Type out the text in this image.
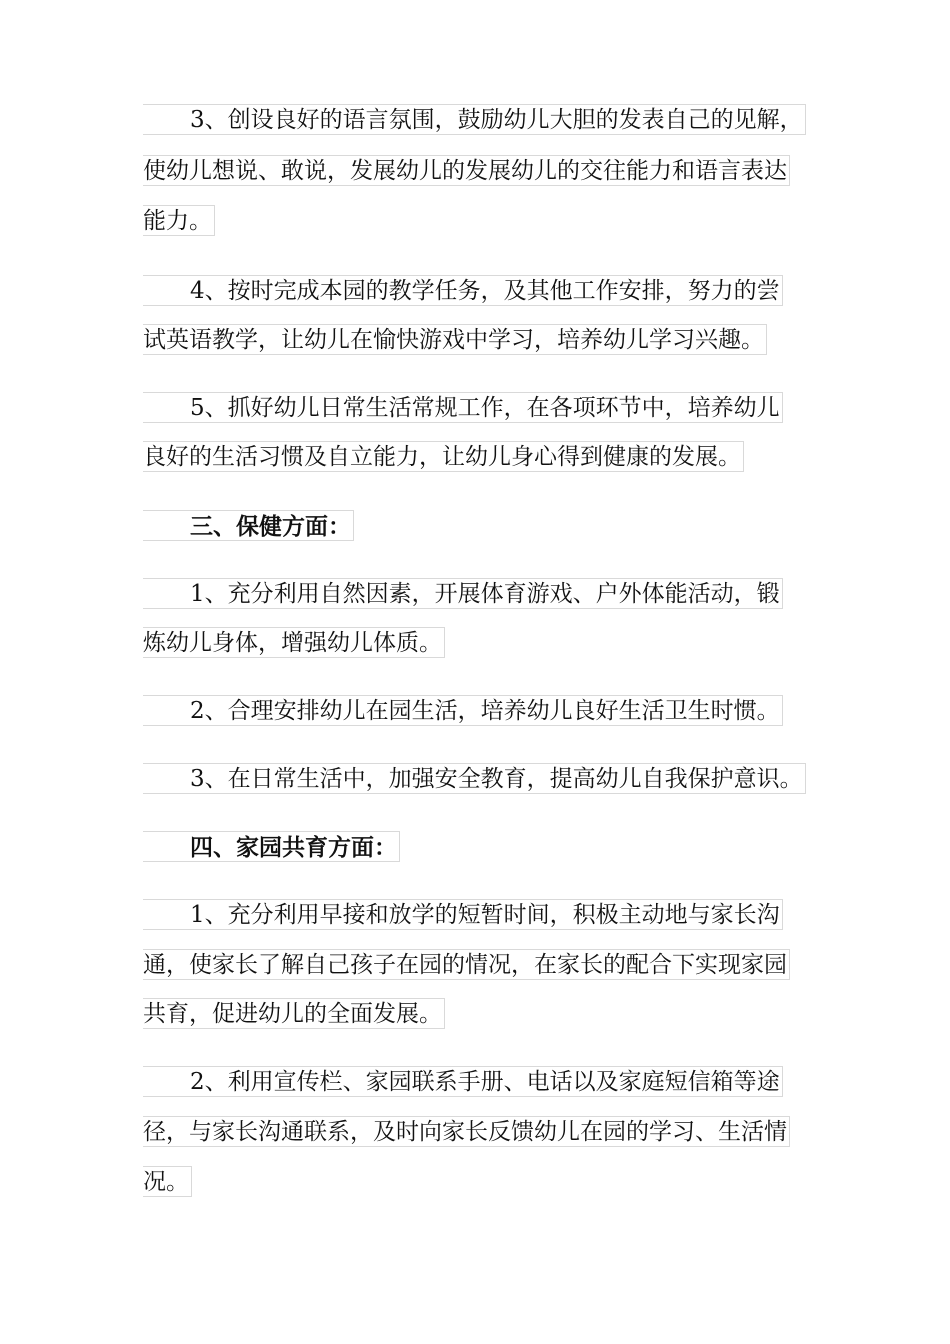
3、创设良好的语言氛围，鼓励幼儿大胆的发表自己的见解，
使幼儿想说、敢说，发展幼儿的发展幼儿的交往能力和语言表达
能力。
4、按时完成本园的教学任务，及其他工作安排，努力的尝
试英语教学，让幼儿在愉快游戏中学习，培养幼儿学习兴趣。
5、抓好幼儿日常生活常规工作，在各项环节中，培养幼儿
良好的生活习惯及自立能力，让幼儿身心得到健康的发展。
三、保健方面：
1、充分利用自然因素，开展体育游戏、户外体能活动，锻
炼幼儿身体，增强幼儿体质。
2、合理安排幼儿在园生活，培养幼儿良好生活卫生时惯。
3、在日常生活中，加强安全教育，提高幼儿自我保护意识。
四、家园共育方面：
1、充分利用早接和放学的短暂时间，积极主动地与家长沟
通，使家长了解自己孩子在园的情况，在家长的配合下实现家园
共育，促进幼儿的全面发展。
2、利用宣传栏、家园联系手册、电话以及家庭短信箱等途
径，与家长沟通联系，及时向家长反馈幼儿在园的学习、生活情
况。
